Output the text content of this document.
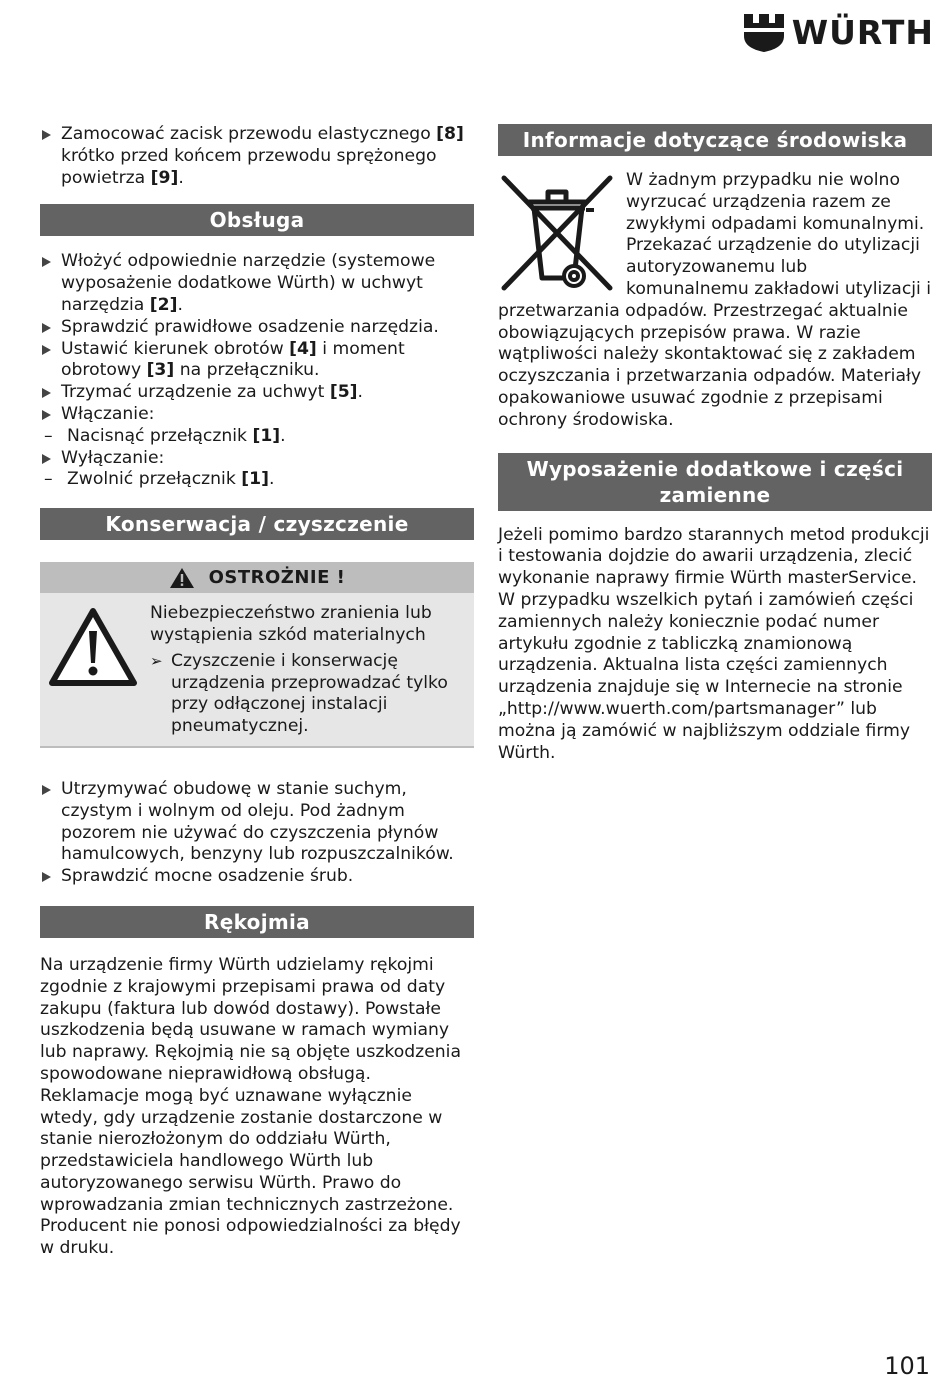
WÜRTH
Zamocować zacisk przewodu elastycznego [8] krótko przed końcem przewodu sprężonego powietrza [9].
Obsługa
Włożyć odpowiednie narzędzie (systemowe wyposażenie dodatkowe Würth) w uchwyt narzędzia [2].
Sprawdzić prawidłowe osadzenie narzędzia.
Ustawić kierunek obrotów [4] i moment obrotowy [3] na przełączniku.
Trzymać urządzenie za uchwyt [5].
Włączanie:
– Nacisnąć przełącznik [1].
Wyłączanie:
– Zwolnić przełącznik [1].
Konserwacja / czyszczenie
OSTROŻNIE !
Niebezpieczeństwo zranienia lub wystąpienia szkód materialnych
➢ Czyszczenie i konserwację urządzenia przeprowadzać tylko przy odłączonej instalacji pneumatycznej.
Utrzymywać obudowę w stanie suchym, czystym i wolnym od oleju. Pod żadnym pozorem nie używać do czyszczenia płynów hamulcowych, benzyny lub rozpuszczalników.
Sprawdzić mocne osadzenie śrub.
Rękojmia
Na urządzenie firmy Würth udzielamy rękojmi zgodnie z krajowymi przepisami prawa od daty zakupu (faktura lub dowód dostawy). Powstałe uszkodzenia będą usuwane w ramach wymiany lub naprawy. Rękojmią nie są objęte uszkodzenia spowodowane nieprawidłową obsługą. Reklamacje mogą być uznawane wyłącznie wtedy, gdy urządzenie zostanie dostarczone w stanie nierozłożonym do oddziału Würth, przedstawiciela handlowego Würth lub autoryzowanego serwisu Würth. Prawo do wprowadzania zmian technicznych zastrzeżone.
Producent nie ponosi odpowiedzialności za błędy w druku.
Informacje dotyczące środowiska
W żadnym przypadku nie wolno wyrzucać urządzenia razem ze zwykłymi odpadami komunalnymi. Przekazać urządzenie do utylizacji autoryzowanemu lub komunalnemu zakładowi utylizacji i przetwarzania odpadów. Przestrzegać aktualnie obowiązujących przepisów prawa. W razie wątpliwości należy skontaktować się z zakładem oczyszczania i przetwarzania odpadów. Materiały opakowaniowe usuwać zgodnie z przepisami ochrony środowiska.
Wyposażenie dodatkowe i części zamienne
Jeżeli pomimo bardzo starannych metod produkcji i testowania dojdzie do awarii urządzenia, zlecić wykonanie naprawy firmie Würth masterService. W przypadku wszelkich pytań i zamówień części zamiennych należy koniecznie podać numer artykułu zgodnie z tabliczką znamionową urządzenia. Aktualna lista części zamiennych urządzenia znajduje się w Internecie na stronie „http://www.wuerth.com/partsmanager” lub można ją zamówić w najbliższym oddziale firmy Würth.
101
